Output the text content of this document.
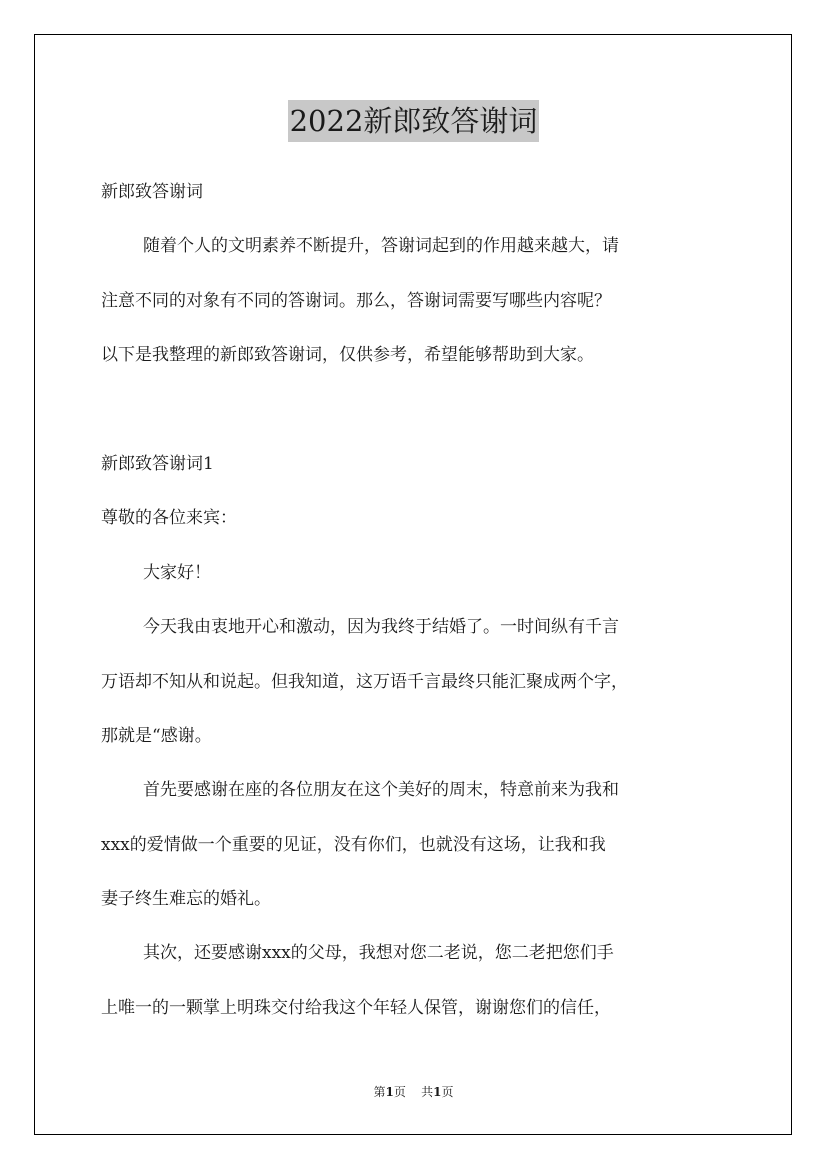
2022新郎致答谢词

新郎致答谢词

随着个人的文明素养不断提升，答谢词起到的作用越来越大，请

注意不同的对象有不同的答谢词。那么，答谢词需要写哪些内容呢？

以下是我整理的新郎致答谢词，仅供参考，希望能够帮助到大家。

新郎致答谢词1

尊敬的各位来宾：

大家好！

今天我由衷地开心和激动，因为我终于结婚了。一时间纵有千言

万语却不知从和说起。但我知道，这万语千言最终只能汇聚成两个字，

那就是“感谢。

首先要感谢在座的各位朋友在这个美好的周末，特意前来为我和

xxx的爱情做一个重要的见证，没有你们，也就没有这场，让我和我

妻子终生难忘的婚礼。

其次，还要感谢xxx的父母，我想对您二老说，您二老把您们手

上唯一的一颗掌上明珠交付给我这个年轻人保管，谢谢您们的信任，

第1页 共1页
